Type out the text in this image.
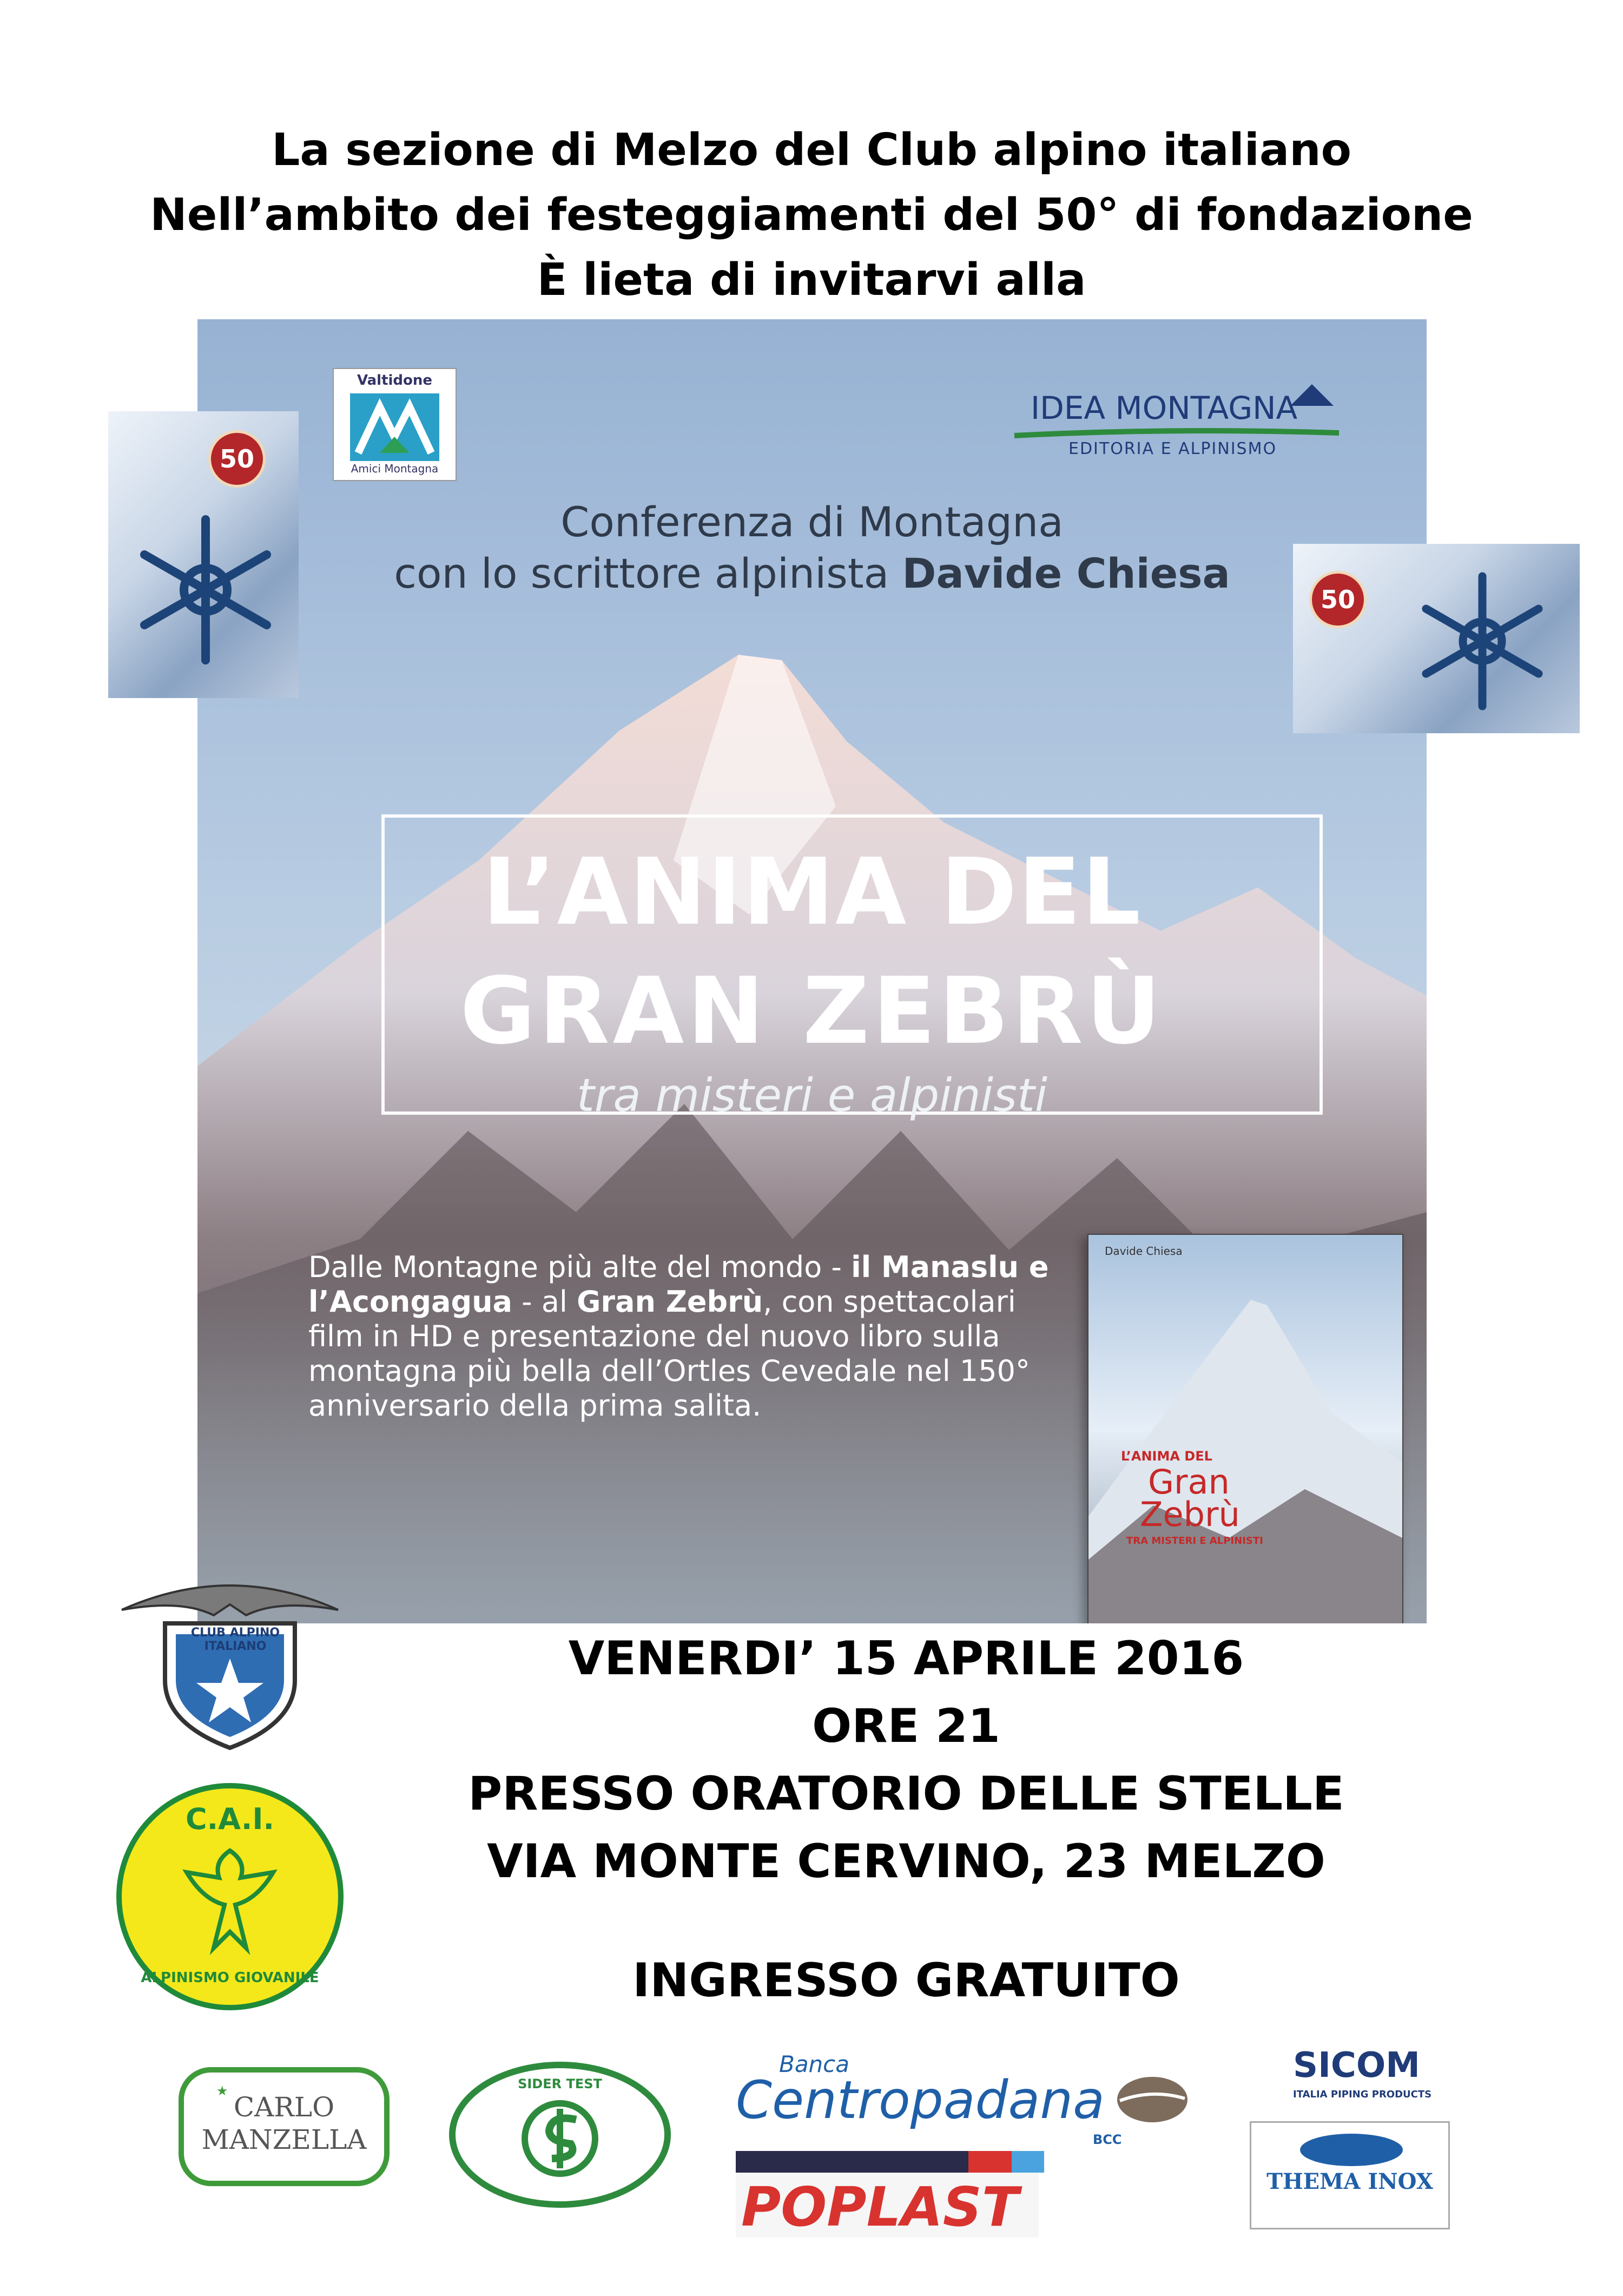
La sezione di Melzo del Club alpino italiano
Nell’ambito dei festeggiamenti del 50° di fondazione
È lieta di invitarvi alla
Valtidone
Amici Montagna
IDEA MONTAGNA
EDITORIA E ALPINISMO
Conferenza di Montagna
con lo scrittore alpinista Davide Chiesa
L’ANIMA DEL
GRAN ZEBRÙ
tra misteri e alpinisti
Dalle Montagne più alte del mondo - il Manaslu e l’Acongagua - al Gran Zebrù, con spettacolari film in HD e presentazione del nuovo libro sulla montagna più bella dell’Ortles Cevedale nel 150° anniversario della prima salita.
Davide Chiesa
L’ANIMA DEL
Gran
Zebrù
TRA MISTERI E ALPINISTI
50
50
CLUB ALPINO ITALIANO
C.A.I.
ALPINISMO GIOVANILE
VENERDI’ 15 APRILE 2016
ORE 21
PRESSO ORATORIO DELLE STELLE
VIA MONTE CERVINO, 23 MELZO
INGRESSO GRATUITO
★
CARLO
MANZELLA
SIDER TEST
Banca
Centropadana
BCC
POPLAST
SICOM
ITALIA PIPING PRODUCTS
THEMA INOX
